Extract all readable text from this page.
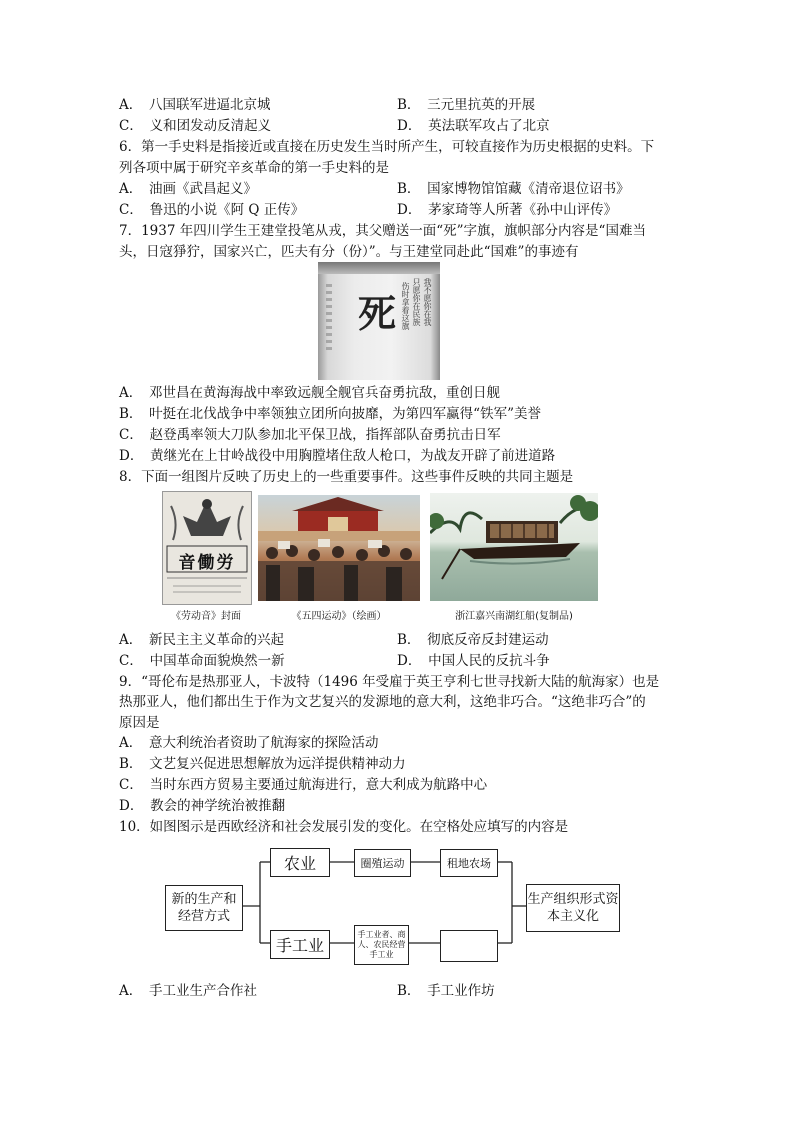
A．　八国联军进逼北京城	B．　三元里抗英的开展
C．　义和团发动反清起义	D．　英法联军攻占了北京
6．第一手史料是指接近或直接在历史发生当时所产生，可较直接作为历史根据的史料。下
列各项中属于研究辛亥革命的第一手史料的是
A．　油画《武昌起义》	B．　国家博物馆馆藏《清帝退位诏书》
C．　鲁迅的小说《阿 Q 正传》	D．　茅家琦等人所著《孙中山评传》
7．1937 年四川学生王建堂投笔从戎，其父赠送一面“死”字旗，旗帜部分内容是“国难当
头，日寇猙狞，国家兴亡，匹夫有分（份）”。与王建堂同赴此“国难”的事迹有
死	我不愿你在我
只愿你在民族
伤时拿着这旗
A．　邓世昌在黄海海战中率致远舰全舰官兵奋勇抗敌，重创日舰
B．　叶挺在北伐战争中率领独立团所向披靡，为第四军赢得“铁军”美誉
C．　赵登禹率领大刀队参加北平保卫战，指挥部队奋勇抗击日军
D．　黄继光在上甘岭战役中用胸膛堵住敌人枪口，为战友开辟了前进道路
8．下面一组图片反映了历史上的一些重要事件。这些事件反映的共同主题是
音働労
《劳动音》封面	《五四运动》（绘画）	浙江嘉兴南湖红船(复制品)
A．　新民主主义革命的兴起	B．　彻底反帝反封建运动
C．　中国革命面貌焕然一新	D．　中国人民的反抗斗争
9．“哥伦布是热那亚人，卡波特（1496 年受雇于英王亨利七世寻找新大陆的航海家）也是
热那亚人，他们都出生于作为文艺复兴的发源地的意大利，这绝非巧合。“这绝非巧合”的
原因是
A．　意大利统治者资助了航海家的探险活动
B．　文艺复兴促进思想解放为远洋提供精神动力
C．　当时东西方贸易主要通过航海进行，意大利成为航路中心
D．　教会的神学统治被推翻
10．如图图示是西欧经济和社会发展引发的变化。在空格处应填写的内容是
新的生产和经营方式
农业	圈殖运动	租地农场
手工业
手工业者、商人、农民经营手工业
生产组织形式资本主义化
A．　手工业生产合作社	B．　手工业作坊
